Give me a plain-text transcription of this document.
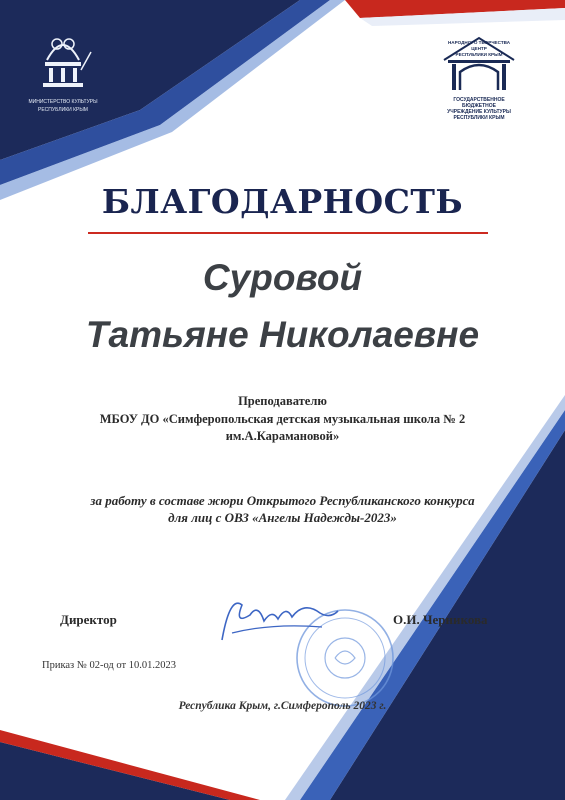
МИНИСТЕРСТВО КУЛЬТУРЫ
РЕСПУБЛИКИ КРЫМ
НАРОДНОГО ТВОРЧЕСТВА
ЦЕНТР
РЕСПУБЛИКИ КРЫМ
ГОСУДАРСТВЕННОЕ БЮДЖЕТНОЕ
УЧРЕЖДЕНИЕ КУЛЬТУРЫ
РЕСПУБЛИКИ КРЫМ
БЛАГОДАРНОСТЬ
Суровой
Татьяне Николаевне
Преподавателю
МБОУ ДО «Симферопольская детская музыкальная школа № 2
им.А.Карамановой»
за работу в составе жюри Открытого Республиканского конкурса
для лиц с ОВЗ «Ангелы Надежды-2023»
Директор	О.И. Черникова
Приказ № 02-од от 10.01.2023
Республика Крым, г.Симферополь 2023 г.
